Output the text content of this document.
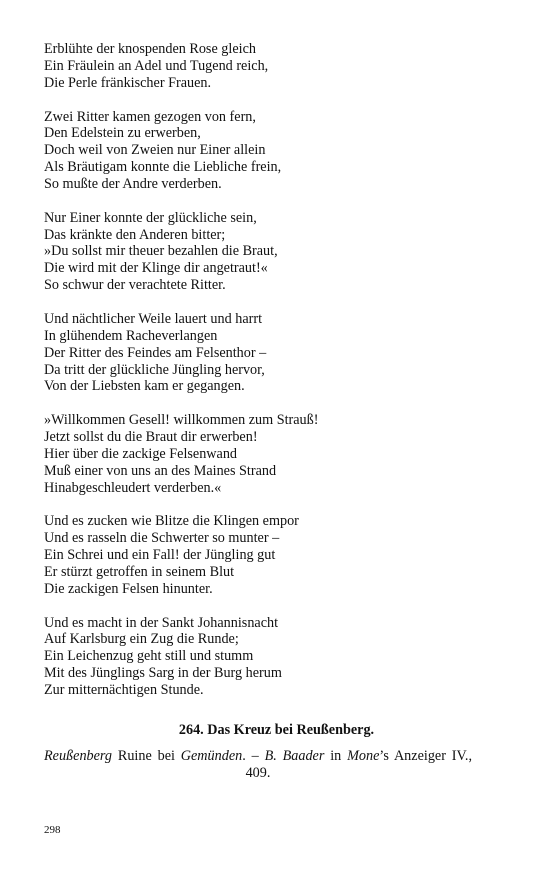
Erblühte der knospenden Rose gleich
Ein Fräulein an Adel und Tugend reich,
Die Perle fränkischer Frauen.
Zwei Ritter kamen gezogen von fern,
Den Edelstein zu erwerben,
Doch weil von Zweien nur Einer allein
Als Bräutigam konnte die Liebliche frein,
So mußte der Andre verderben.
Nur Einer konnte der glückliche sein,
Das kränkte den Anderen bitter;
»Du sollst mir theuer bezahlen die Braut,
Die wird mit der Klinge dir angetraut!«
So schwur der verachtete Ritter.
Und nächtlicher Weile lauert und harrt
In glühendem Racheverlangen
Der Ritter des Feindes am Felsenthor –
Da tritt der glückliche Jüngling hervor,
Von der Liebsten kam er gegangen.
»Willkommen Gesell! willkommen zum Strauß!
Jetzt sollst du die Braut dir erwerben!
Hier über die zackige Felsenwand
Muß einer von uns an des Maines Strand
Hinabgeschleudert verderben.«
Und es zucken wie Blitze die Klingen empor
Und es rasseln die Schwerter so munter –
Ein Schrei und ein Fall! der Jüngling gut
Er stürzt getroffen in seinem Blut
Die zackigen Felsen hinunter.
Und es macht in der Sankt Johannisnacht
Auf Karlsburg ein Zug die Runde;
Ein Leichenzug geht still und stumm
Mit des Jünglings Sarg in der Burg herum
Zur mitternächtigen Stunde.
264. Das Kreuz bei Reußenberg.
Reußenberg Ruine bei Gemünden. – B. Baader in Mone’s Anzeiger IV., 409.
298
